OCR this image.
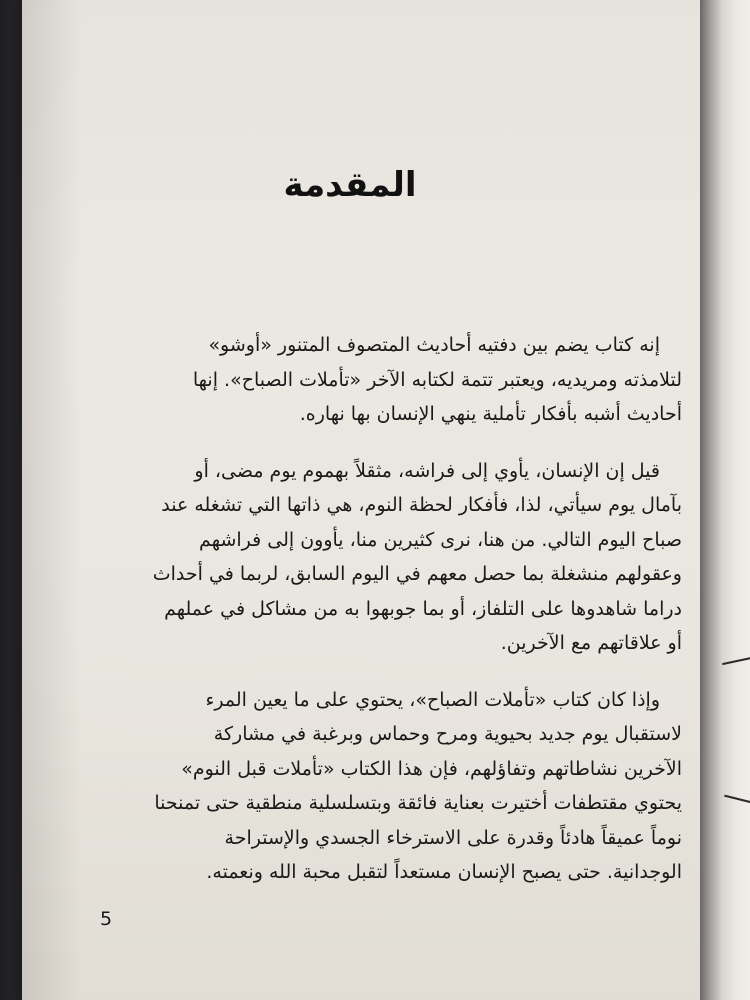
المقدمة
إنه كتاب يضم بين دفتيه أحاديث المتصوف المتنور «أوشو»
لتلامذته ومريديه، ويعتبر تتمة لكتابه الآخر «تأملات الصباح». إنها
أحاديث أشبه بأفكار تأملية ينهي الإنسان بها نهاره.
قيل إن الإنسان، يأوي إلى فراشه، مثقلاً بهموم يوم مضى، أو
بآمال يوم سيأتي، لذا، فأفكار لحظة النوم، هي ذاتها التي تشغله عند
صباح اليوم التالي. من هنا، نرى كثيرين منا، يأوون إلى فراشهم
وعقولهم منشغلة بما حصل معهم في اليوم السابق، لربما في أحداث
دراما شاهدوها على التلفاز، أو بما جوبهوا به من مشاكل في عملهم
أو علاقاتهم مع الآخرين.
وإذا كان كتاب «تأملات الصباح»، يحتوي على ما يعين المرء
لاستقبال يوم جديد بحيوية ومرح وحماس وبرغبة في مشاركة
الآخرين نشاطاتهم وتفاؤلهم، فإن هذا الكتاب «تأملات قبل النوم»
يحتوي مقتطفات أختيرت بعناية فائقة وبتسلسلية منطقية حتى تمنحنا
نوماً عميقاً هادئاً وقدرة على الاسترخاء الجسدي والإستراحة
الوجدانية. حتى يصبح الإنسان مستعداً لتقبل محبة الله ونعمته.
5
